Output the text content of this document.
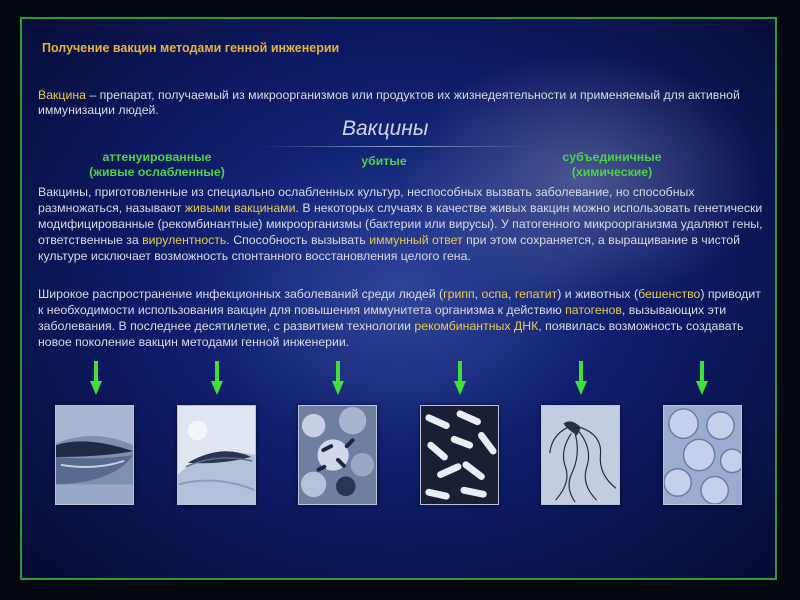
Получение вакцин методами генной инженерии

Вакцина – препарат, получаемый из микроорганизмов или продуктов их жизнедеятельности и применяемый для активной иммунизации людей.

Вакцины
аттенуированные
(живые ослабленные)
убитые	субъединичные
(химические)

Вакцины, приготовленные из специально ослабленных культур, неспособных вызвать заболевание, но способных размножаться, называют живыми вакцинами. В некоторых случаях в качестве живых вакцин можно использовать генетически модифицированные (рекомбинантные) микроорганизмы (бактерии или вирусы). У патогенного микроорганизма удаляют гены, ответственные за вирулентность. Способность вызывать иммунный ответ при этом сохраняется, а выращивание в чистой культуре исключает возможность спонтанного восстановления целого гена.

Широкое распространение инфекционных заболеваний среди людей (грипп, оспа, гепатит) и животных (бешенство) приводит к необходимости использования вакцин для повышения иммунитета организма к действию патогенов, вызывающих эти заболевания. В последнее десятилетие, с развитием технологии рекомбинантных ДНК, появилась возможность создавать новое поколение вакцин методами генной инженерии.
